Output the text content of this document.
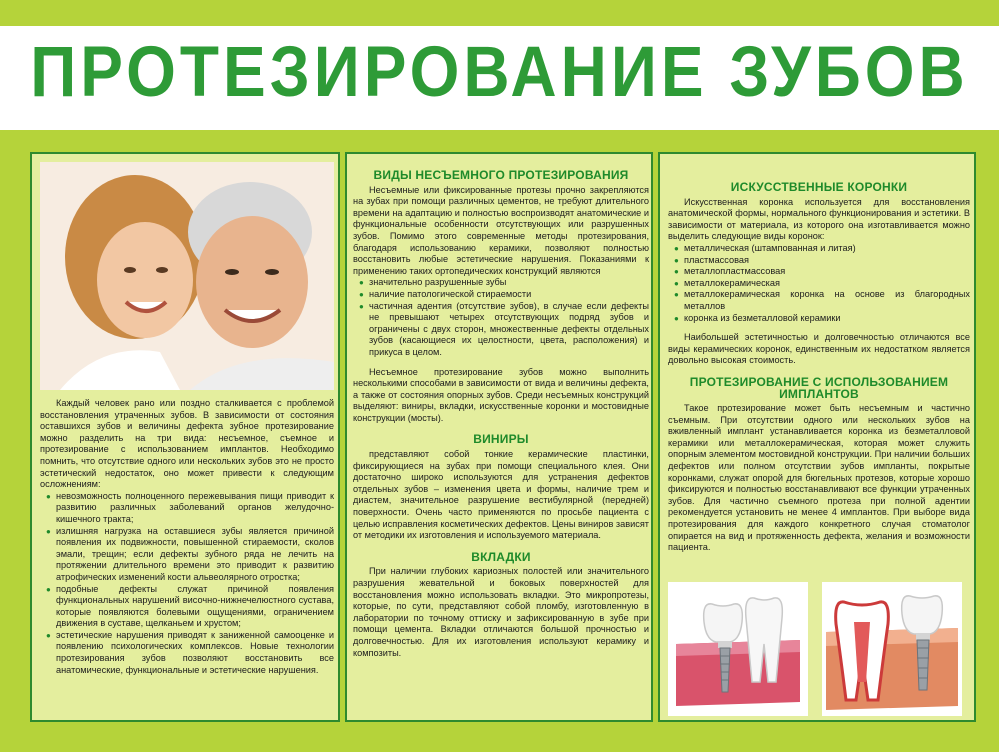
ПРОТЕЗИРОВАНИЕ ЗУБОВ

Каждый человек рано или поздно сталкивается с проблемой восстановления утраченных зубов. В зависимости от состояния оставшихся зубов и величины дефекта зубное протезирование можно разделить на три вида: несъемное, съемное и протезирование с использованием имплантов. Необходимо помнить, что отсутствие одного или нескольких зубов это не просто эстетический недостаток, оно может привести к следующим осложнениям:

● невозможность полноценного пережевывания пищи приводит к развитию различных заболеваний органов желудочно-кишечного тракта;
● излишняя нагрузка на оставшиеся зубы является причиной появления их подвижности, повышенной стираемости, сколов эмали, трещин; если дефекты зубного ряда не лечить на протяжении длительного времени это приводит к развитию атрофических изменений кости альвеолярного отростка;
● подобные дефекты служат причиной появления функциональных нарушений височно-нижнечелюстного сустава, которые появляются болевыми ощущениями, ограничением движения в суставе, щелканьем и хрустом;
● эстетические нарушения приводят к заниженной самооценке и появлению психологических комплексов. Новые технологии протезирования зубов позволяют восстановить все анатомические, функциональные и эстетические нарушения.
ВИДЫ НЕСЪЕМНОГО ПРОТЕЗИРОВАНИЯ

Несъемные или фиксированные протезы прочно закрепляются на зубах при помощи различных цементов, не требуют длительного времени на адаптацию и полностью воспроизводят анатомические и функциональные особенности отсутствующих или разрушенных зубов. Помимо этого современные методы протезирования, благодаря использованию керамики, позволяют полностью восстановить любые эстетические нарушения. Показаниями к применению таких ортопедических конструкций являются

● значительно разрушенные зубы
● наличие патологической стираемости
● частичная адентия (отсутствие зубов), в случае если дефекты не превышают четырех отсутствующих подряд зубов и ограничены с двух сторон, множественные дефекты отдельных зубов (касающиеся их целостности, цвета, расположения) и прикуса в целом.

Несъемное протезирование зубов можно выполнить несколькими способами в зависимости от вида и величины дефекта, а также от состояния опорных зубов. Среди несъемных конструкций выделяют: виниры, вкладки, искусственные коронки и мостовидные конструкции (мосты).

ВИНИРЫ

представляют собой тонкие керамические пластинки, фиксирующиеся на зубах при помощи специального клея. Они достаточно широко используются для устранения дефектов отдельных зубов – изменения цвета и формы, наличие трем и диастем, значительное разрушение вестибулярной (передней) поверхности. Очень часто применяются по просьбе пациента с целью исправления косметических дефектов. Цены виниров зависят от методики их изготовления и используемого материала.

ВКЛАДКИ

При наличии глубоких кариозных полостей или значительного разрушения жевательной и боковых поверхностей для восстановления можно использовать вкладки. Это микропротезы, которые, по сути, представляют собой пломбу, изготовленную в лаборатории по точному оттиску и зафиксированную в зубе при помощи цемента. Вкладки отличаются большой прочностью и долговечностью. Для их изготовления используют керамику и композиты.

ИСКУССТВЕННЫЕ КОРОНКИ

Искусственная коронка используется для восстановления анатомической формы, нормального функционирования и эстетики. В зависимости от материала, из которого она изготавливается можно выделить следующие виды коронок:

● металлическая (штампованная и литая)
● пластмассовая
● металлопластмассовая
● металлокерамическая
● металлокерамическая коронка на основе из благородных металлов
● коронка из безметалловой керамики

Наибольшей эстетичностью и долговечностью отличаются все виды керамических коронок, единственным их недостатком является довольно высокая стоимость.

ПРОТЕЗИРОВАНИЕ С ИСПОЛЬЗОВАНИЕМ ИМПЛАНТОВ

Такое протезирование может быть несъемным и частично съемным. При отсутствии одного или нескольких зубов на вживленный имплант устанавливается коронка из безметалловой керамики или металлокерамическая, которая может служить опорным элементом мостовидной конструкции. При наличии больших дефектов или полном отсутствии зубов импланты, покрытые коронками, служат опорой для бюгельных протезов, которые хорошо фиксируются и полностью восстанавливают все функции утраченных зубов. Для частично съемного протеза при полной адентии рекомендуется установить не менее 4 имплантов. При выборе вида протезирования для каждого конкретного случая стоматолог опирается на вид и протяженность дефекта, желания и возможности пациента.
